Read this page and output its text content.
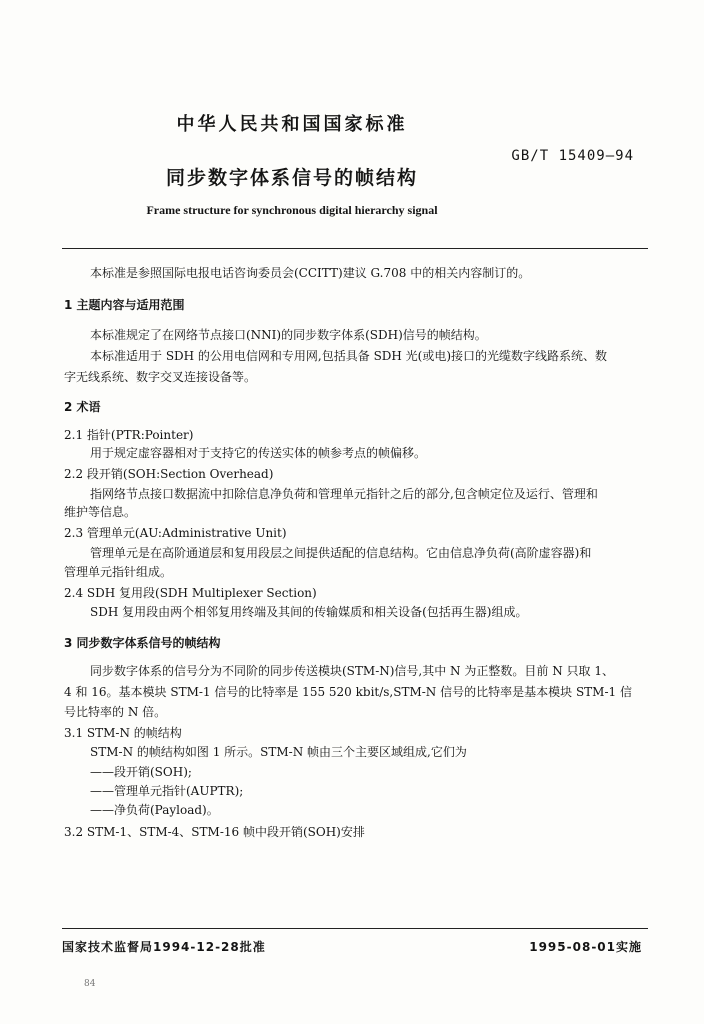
中华人民共和国国家标准
GB/T 15409—94
同步数字体系信号的帧结构
Frame structure for synchronous digital hierarchy signal
本标准是参照国际电报电话咨询委员会(CCITT)建议 G.708 中的相关内容制订的。
1 主题内容与适用范围
本标准规定了在网络节点接口(NNI)的同步数字体系(SDH)信号的帧结构。
本标准适用于 SDH 的公用电信网和专用网,包括具备 SDH 光(或电)接口的光缆数字线路系统、数
字无线系统、数字交叉连接设备等。
2 术语
2.1 指针(PTR:Pointer)
用于规定虚容器相对于支持它的传送实体的帧参考点的帧偏移。
2.2 段开销(SOH:Section Overhead)
指网络节点接口数据流中扣除信息净负荷和管理单元指针之后的部分,包含帧定位及运行、管理和
维护等信息。
2.3 管理单元(AU:Administrative Unit)
管理单元是在高阶通道层和复用段层之间提供适配的信息结构。它由信息净负荷(高阶虚容器)和
管理单元指针组成。
2.4 SDH 复用段(SDH Multiplexer Section)
SDH 复用段由两个相邻复用终端及其间的传输媒质和相关设备(包括再生器)组成。
3 同步数字体系信号的帧结构
同步数字体系的信号分为不同阶的同步传送模块(STM-N)信号,其中 N 为正整数。目前 N 只取 1、
4 和 16。基本模块 STM-1 信号的比特率是 155 520 kbit/s,STM-N 信号的比特率是基本模块 STM-1 信
号比特率的 N 倍。
3.1 STM-N 的帧结构
STM-N 的帧结构如图 1 所示。STM-N 帧由三个主要区域组成,它们为
——段开销(SOH);
——管理单元指针(AUPTR);
——净负荷(Payload)。
3.2 STM-1、STM-4、STM-16 帧中段开销(SOH)安排
国家技术监督局1994-12-28批准	1995-08-01实施
84
